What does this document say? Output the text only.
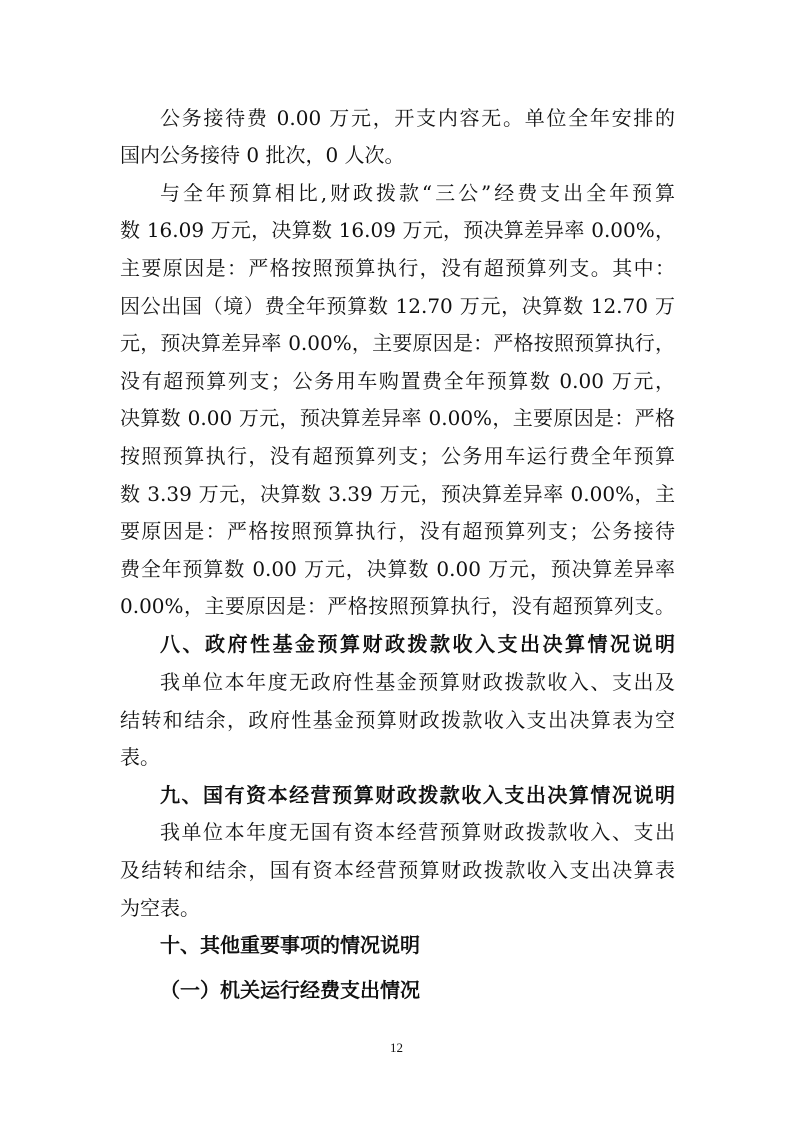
公务接待费 0.00 万元，开支内容无。单位全年安排的
国内公务接待 0 批次，0 人次。
与全年预算相比,财政拨款“三公”经费支出全年预算
数 16.09 万元，决算数 16.09 万元，预决算差异率 0.00%，
主要原因是：严格按照预算执行，没有超预算列支。其中：
因公出国（境）费全年预算数 12.70 万元，决算数 12.70 万
元，预决算差异率 0.00%，主要原因是：严格按照预算执行，
没有超预算列支；公务用车购置费全年预算数 0.00 万元，
决算数 0.00 万元，预决算差异率 0.00%，主要原因是：严格
按照预算执行，没有超预算列支；公务用车运行费全年预算
数 3.39 万元，决算数 3.39 万元，预决算差异率 0.00%，主
要原因是：严格按照预算执行，没有超预算列支；公务接待
费全年预算数 0.00 万元，决算数 0.00 万元，预决算差异率
0.00%，主要原因是：严格按照预算执行，没有超预算列支。
八、政府性基金预算财政拨款收入支出决算情况说明
我单位本年度无政府性基金预算财政拨款收入、支出及
结转和结余，政府性基金预算财政拨款收入支出决算表为空
表。
九、国有资本经营预算财政拨款收入支出决算情况说明
我单位本年度无国有资本经营预算财政拨款收入、支出
及结转和结余，国有资本经营预算财政拨款收入支出决算表
为空表。
十、其他重要事项的情况说明
（一）机关运行经费支出情况
12
